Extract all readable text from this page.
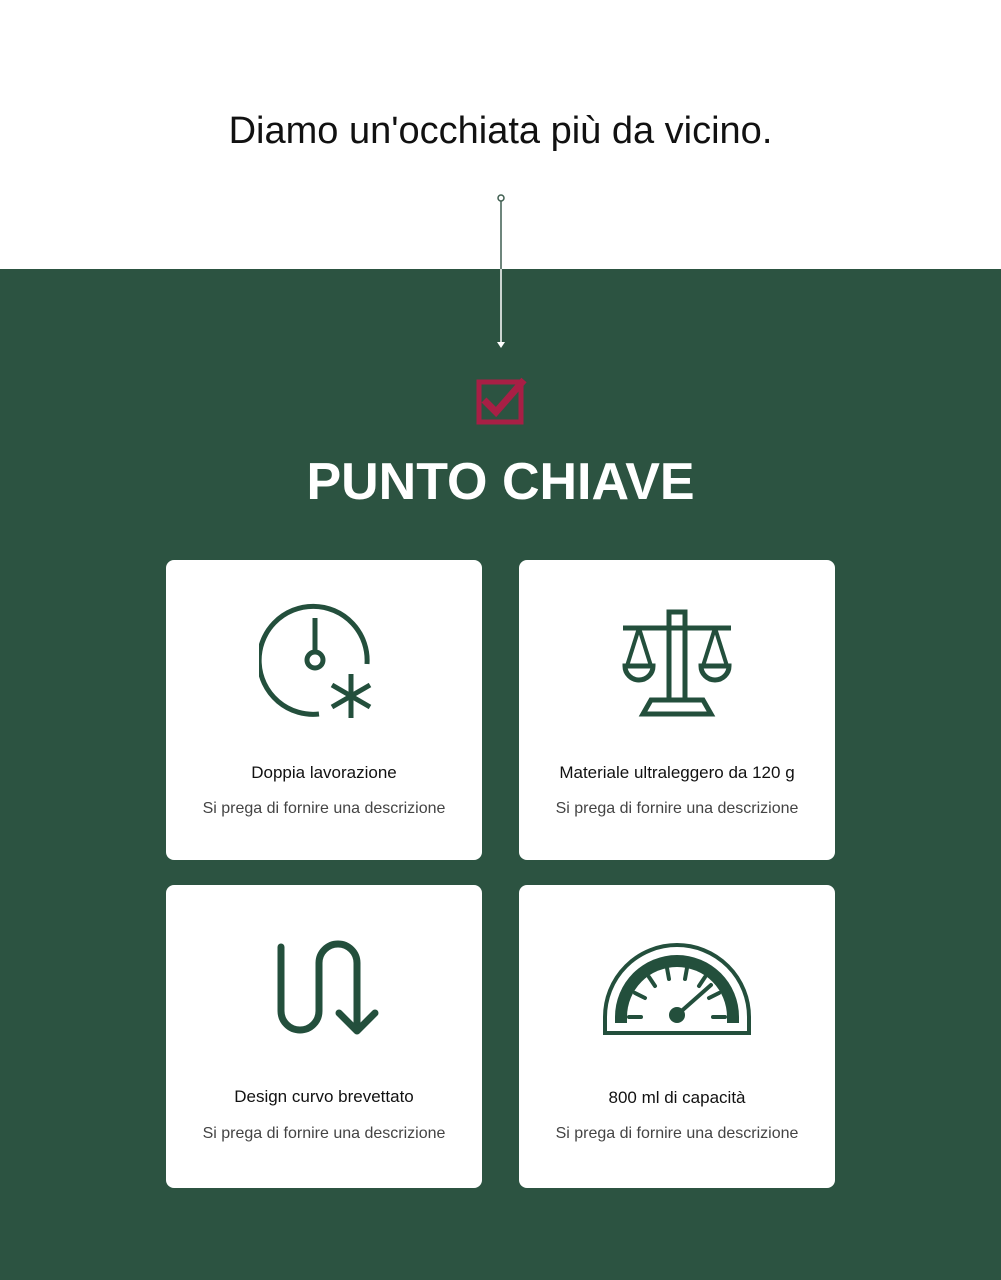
Diamo un'occhiata più da vicino.
PUNTO CHIAVE
Doppia lavorazione
Si prega di fornire una descrizione
Materiale ultraleggero da 120 g
Si prega di fornire una descrizione
Design curvo brevettato
Si prega di fornire una descrizione
800 ml di capacità
Si prega di fornire una descrizione
